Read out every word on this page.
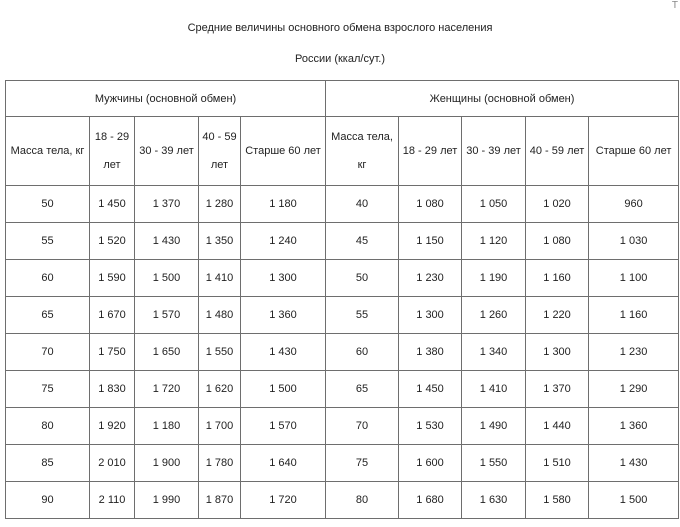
T
Средние величины основного обмена взрослого населения
России (ккал/сут.)
Мужчины (основной обмен)					Женщины (основной обмен)				
Масса тела, кг	18 - 29 лет	30 - 39 лет	40 - 59 лет	Старше 60 лет	Масса тела, кг	18 - 29 лет	30 - 39 лет	40 - 59 лет	Старше 60 лет
50	1 450	1 370	1 280	1 180	40	1 080	1 050	1 020	960
55	1 520	1 430	1 350	1 240	45	1 150	1 120	1 080	1 030
60	1 590	1 500	1 410	1 300	50	1 230	1 190	1 160	1 100
65	1 670	1 570	1 480	1 360	55	1 300	1 260	1 220	1 160
70	1 750	1 650	1 550	1 430	60	1 380	1 340	1 300	1 230
75	1 830	1 720	1 620	1 500	65	1 450	1 410	1 370	1 290
80	1 920	1 180	1 700	1 570	70	1 530	1 490	1 440	1 360
85	2 010	1 900	1 780	1 640	75	1 600	1 550	1 510	1 430
90	2 110	1 990	1 870	1 720	80	1 680	1 630	1 580	1 500
